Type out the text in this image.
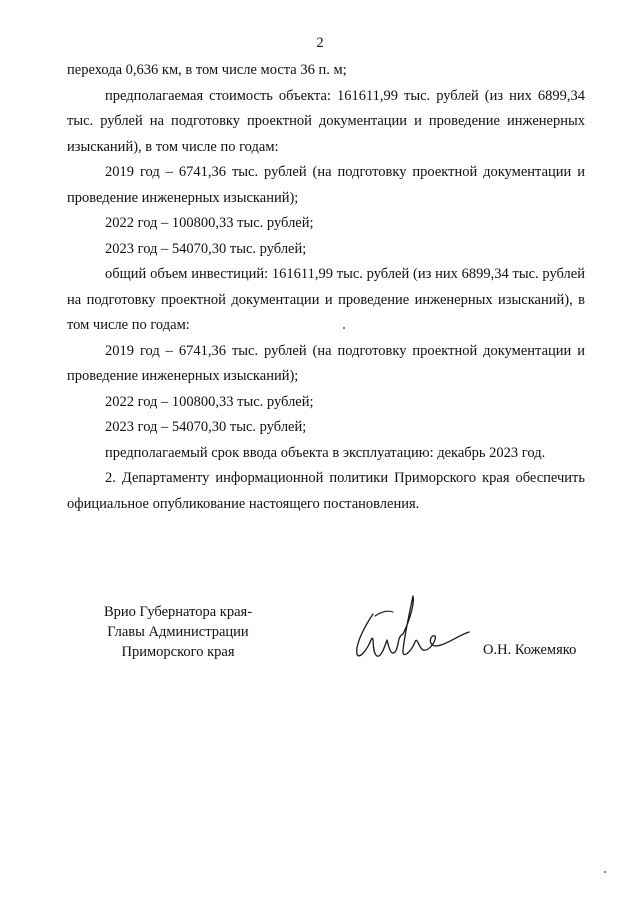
2

перехода 0,636 км, в том числе моста 36 п. м;

предполагаемая стоимость объекта: 161611,99 тыс. рублей (из них 6899,34 тыс. рублей на подготовку проектной документации и проведение инженерных изысканий), в том числе по годам:

2019 год – 6741,36 тыс. рублей (на подготовку проектной документации и проведение инженерных изысканий);

2022 год – 100800,33 тыс. рублей;

2023 год – 54070,30 тыс. рублей;

общий объем инвестиций: 161611,99 тыс. рублей (из них 6899,34 тыс. рублей на подготовку проектной документации и проведение инженерных изысканий), в том числе по годам:

2019 год – 6741,36 тыс. рублей (на подготовку проектной документации и проведение инженерных изысканий);

2022 год – 100800,33 тыс. рублей;

2023 год – 54070,30 тыс. рублей;

предполагаемый срок ввода объекта в эксплуатацию: декабрь 2023 год.

2. Департаменту информационной политики Приморского края обеспечить официальное опубликование настоящего постановления.

Врио Губернатора края-
Главы Администрации
Приморского края	О.Н. Кожемяко
